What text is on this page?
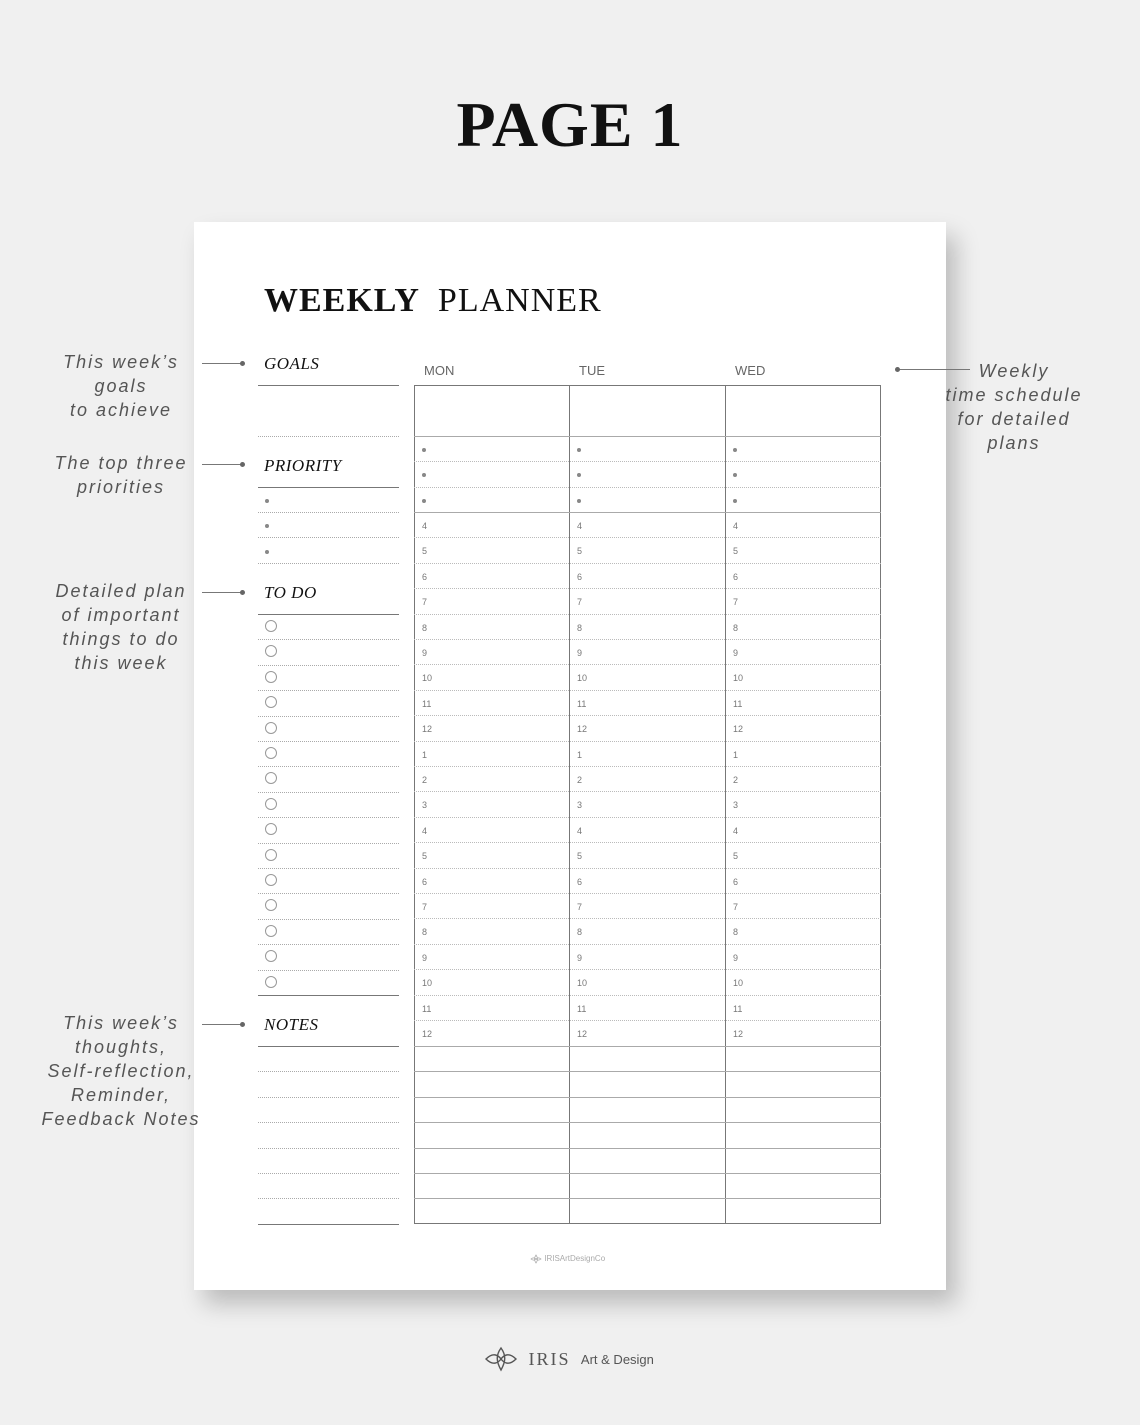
PAGE 1
WEEKLY PLANNER
GOALS
PRIORITY
TO DO
NOTES
MON	TUE	WED
IRISArtDesignCo
4
5
6
7
8
9
10
11
12
1
2
3
4
5
6
7
8
9
10
11
12
4
5
6
7
8
9
10
11
12
1
2
3
4
5
6
7
8
9
10
11
12
4
5
6
7
8
9
10
11
12
1
2
3
4
5
6
7
8
9
10
11
12
This week’s
goals
to achieve
The top three
priorities
Detailed plan
of important
things to do
this week
This week’s
thoughts,
Self-reflection,
Reminder,
Feedback Notes
Weekly
time schedule
for detailed
plans
IRIS Art & Design
